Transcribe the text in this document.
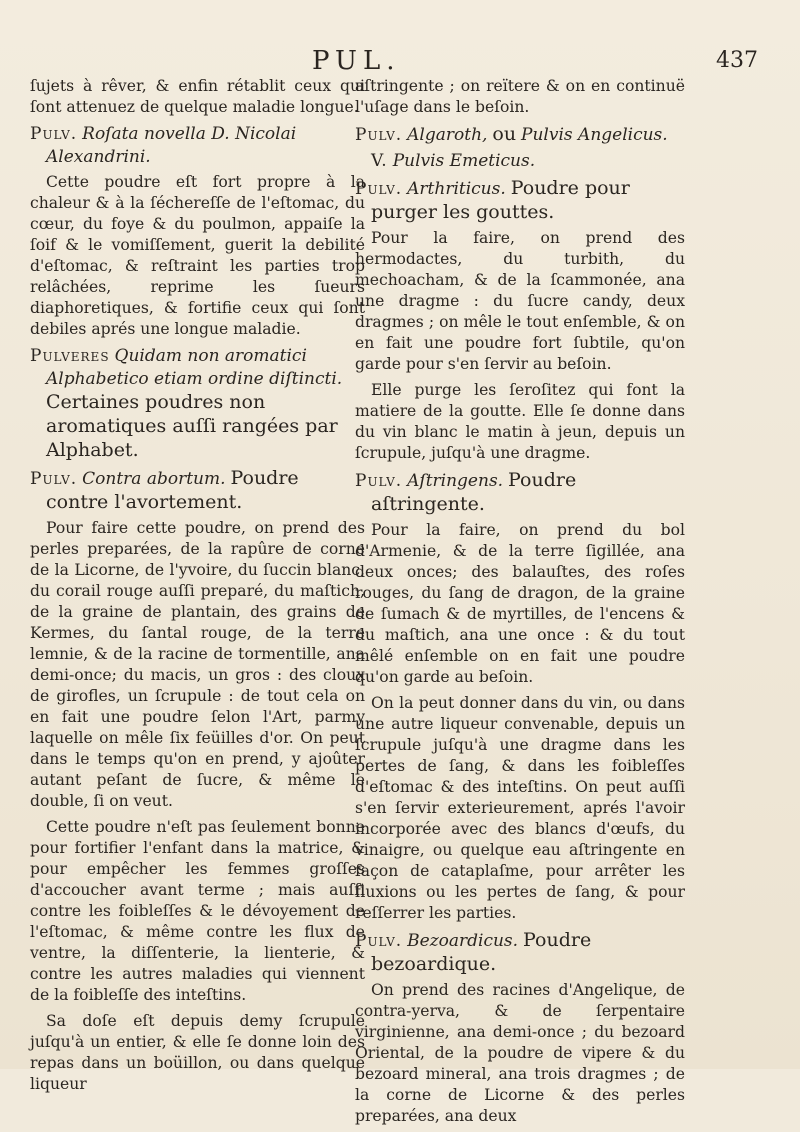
PUL.	437

ſujets à rêver, & enfin rétablit ceux qui ſont attenuez de quelque maladie longue.

Pulv. Roſata novella D. Nicolai Alexandrini.

Cette poudre eſt fort propre à la chaleur & à la ſéchereſſe de l'eſtomac, du cœur, du foye & du poulmon, appaiſe la ſoif & le vomiſſement, guerit la debilité d'eſtomac, & reſtraint les parties trop relâchées, reprime les ſueurs diaphoretiques, & fortifie ceux qui ſont debiles aprés une longue maladie.

Pulveres Quidam non aromatici Alphabetico etiam ordine diſtincti. Certaines poudres non aromatiques auſſi rangées par Alphabet.
Pulv. Contra abortum. Poudre contre l'avortement.

Pour faire cette poudre, on prend des perles preparées, de la rapûre de corne de la Licorne, de l'yvoire, du ſuccin blanc, du corail rouge auſſi preparé, du maſtich, de la graine de plantain, des grains de Kermes, du ſantal rouge, de la terre lemnie, & de la racine de tormentille, ana demi-once; du macis, un gros : des cloux de girofles, un ſcrupule : de tout cela on en fait une poudre ſelon l'Art, parmy laquelle on mêle ſix feüilles d'or. On peut dans le temps qu'on en prend, y ajoûter autant peſant de ſucre, & même le double, ſi on veut.

Cette poudre n'eſt pas ſeulement bonne pour fortifier l'enfant dans la matrice, & pour empêcher les femmes groſſes d'accoucher avant terme ; mais auſſi contre les foibleſſes & le dévoyement de l'eſtomac, & même contre les flux de ventre, la diſſenterie, la lienterie, & contre les autres maladies qui viennent de la foibleſſe des inteſtins.

Sa doſe eſt depuis demy ſcrupule juſqu'à un entier, & elle ſe donne loin des repas dans un boüillon, ou dans quelque liqueur

aſtringente ; on reïtere & on en continuë l'uſage dans le beſoin.

Pulv. Algaroth, ou Pulvis Angelicus.
V. Pulvis Emeticus.
Pulv. Arthriticus. Poudre pour purger les gouttes.

Pour la faire, on prend des hermodactes, du turbith, du mechoacham, & de la ſcammonée, ana une dragme : du ſucre candy, deux dragmes ; on mêle le tout enſemble, & on en fait une poudre fort ſubtile, qu'on garde pour s'en ſervir au beſoin.

Elle purge les ſeroſitez qui font la matiere de la goutte. Elle ſe donne dans du vin blanc le matin à jeun, depuis un ſcrupule, juſqu'à une dragme.

Pulv. Aſtringens. Poudre aſtringente.

Pour la faire, on prend du bol d'Armenie, & de la terre ſigillée, ana deux onces; des balauſtes, des roſes rouges, du ſang de dragon, de la graine de ſumach & de myrtilles, de l'encens & du maſtich, ana une once : & du tout mêlé enſemble on en fait une poudre qu'on garde au beſoin.

On la peut donner dans du vin, ou dans une autre liqueur convenable, depuis un ſcrupule juſqu'à une dragme dans les pertes de ſang, & dans les foibleſſes d'eſtomac & des inteſtins. On peut auſſi s'en ſervir exterieurement, aprés l'avoir incorporée avec des blancs d'œufs, du vinaigre, ou quelque eau aſtringente en façon de cataplaſme, pour arrêter les fluxions ou les pertes de ſang, & pour reſſerrer les parties.

Pulv. Bezoardicus. Poudre bezoardique.

On prend des racines d'Angelique, de contra-yerva, & de ſerpentaire virginienne, ana demi-once ; du bezoard Oriental, de la poudre de vipere & du bezoard mineral, ana trois dragmes ; de la corne de Licorne & des perles preparées, ana deux
